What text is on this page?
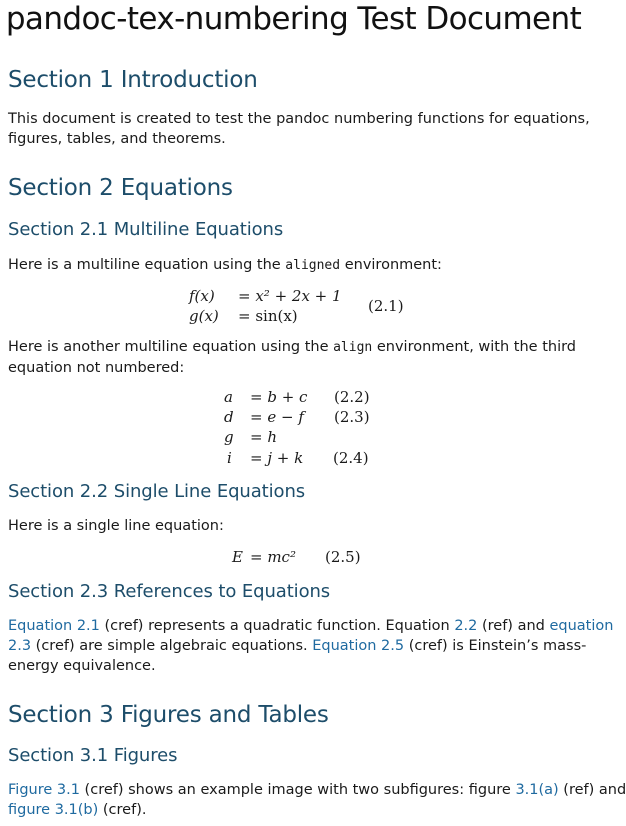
pandoc-tex-numbering Test Document
Section 1 Introduction
This document is created to test the pandoc numbering functions for equations,
figures, tables, and theorems.
Section 2 Equations
Section 2.1 Multiline Equations
Here is a multiline equation using the aligned environment:
f(x) = x² + 2x + 1
g(x) = sin(x)
(2.1)
Here is another multiline equation using the align environment, with the third
equation not numbered:
a = b + c (2.2)
d = e − f (2.3)
g = h
i = j + k (2.4)
Section 2.2 Single Line Equations
Here is a single line equation:
E = mc² (2.5)
Section 2.3 References to Equations
Equation 2.1 (cref) represents a quadratic function. Equation 2.2 (ref) and equation
2.3 (cref) are simple algebraic equations. Equation 2.5 (cref) is Einstein’s mass-
energy equivalence.
Section 3 Figures and Tables
Section 3.1 Figures
Figure 3.1 (cref) shows an example image with two subfigures: figure 3.1(a) (ref) and
figure 3.1(b) (cref).
